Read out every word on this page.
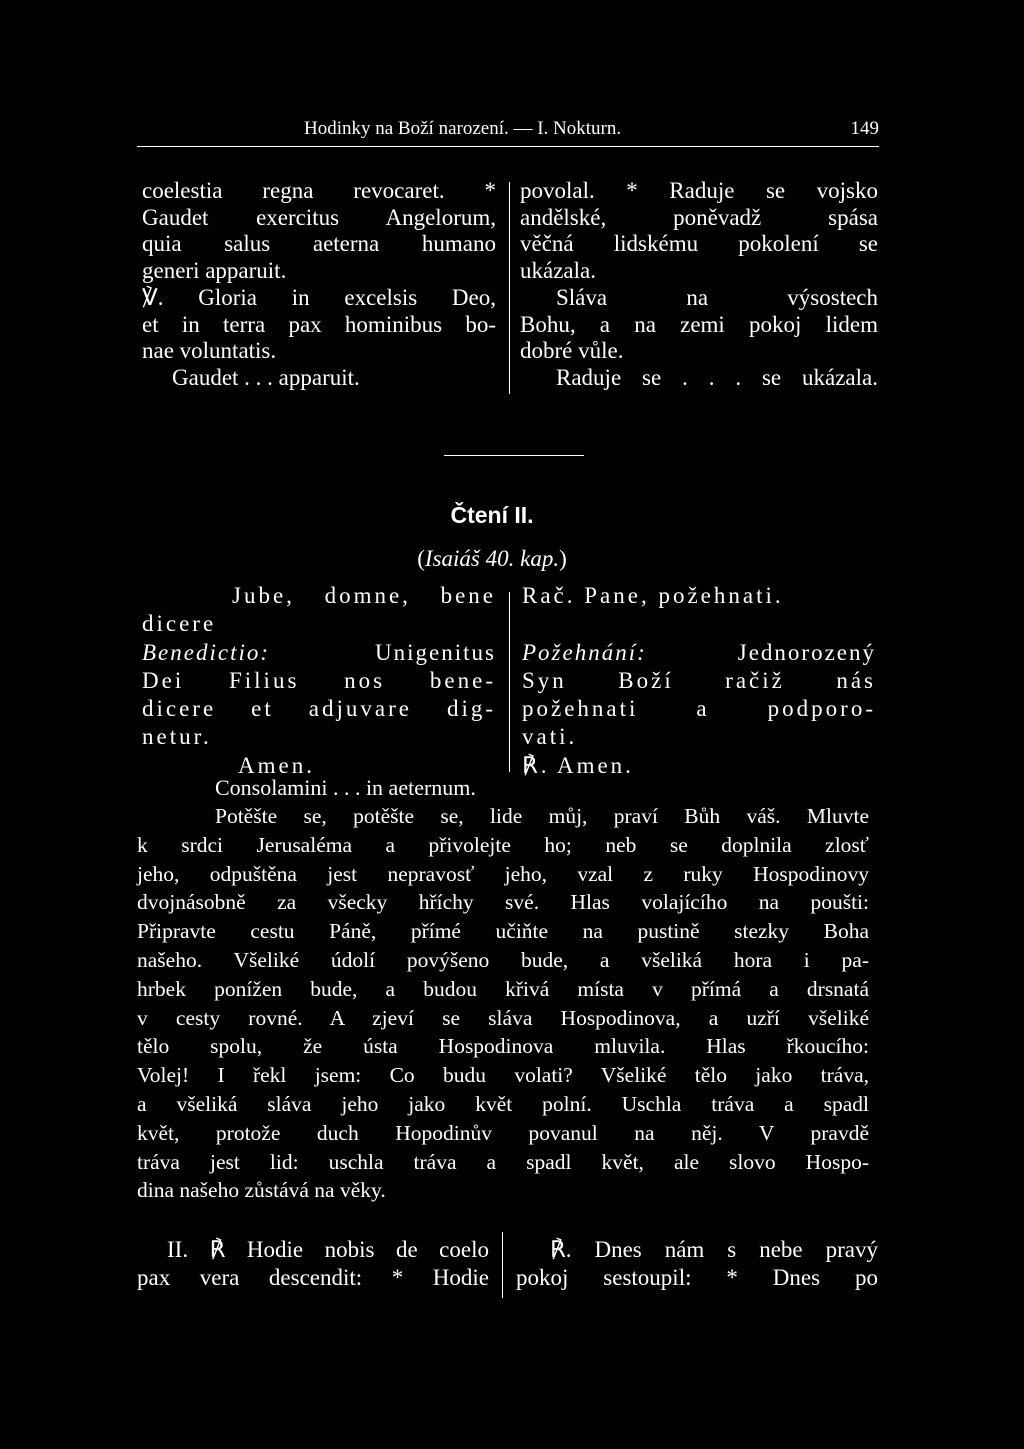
Hodinky na Boží narození. — I. Nokturn.	149
coelestia regna revocaret. *
Gaudet exercitus Angelorum,
quia salus aeterna humano
generi apparuit.
℣. Gloria in excelsis Deo,
et in terra pax hominibus bo-
nae voluntatis.
Gaudet . . . apparuit.
povolal. * Raduje se vojsko
andělské, poněvadž spása
věčná lidskému pokolení se
ukázala.
Sláva na výsostech
Bohu, a na zemi pokoj lidem
dobré vůle.
Raduje se . . . se ukázala.
Čtení II.
(Isaiáš 40. kap.)
Jube, domne, bene
dicere
Benedictio: Unigenitus
Dei Filius nos bene-
dicere et adjuvare dig-
netur.
Amen.
Rač. Pane, požehnati.

Požehnání: Jednorozený
Syn Boží račiž nás
požehnati a podporo-
vati.
℟. Amen.
Consolamini . . . in aeternum.
Potěšte se, potěšte se, lide můj, praví Bůh váš. Mluvte
k srdci Jerusaléma a přivolejte ho; neb se doplnila zlosť
jeho, odpuštěna jest nepravosť jeho, vzal z ruky Hospodinovy
dvojnásobně za všecky hříchy své. Hlas volajícího na poušti:
Připravte cestu Páně, přímé učiňte na pustině stezky Boha
našeho. Všeliké údolí povýšeno bude, a všeliká hora i pa-
hrbek ponížen bude, a budou křivá místa v přímá a drsnatá
v cesty rovné. A zjeví se sláva Hospodinova, a uzří všeliké
tělo spolu, že ústa Hospodinova mluvila. Hlas řkoucího:
Volej! I řekl jsem: Co budu volati? Všeliké tělo jako tráva,
a všeliká sláva jeho jako květ polní. Uschla tráva a spadl
květ, protože duch Hopodinův povanul na něj. V pravdě
tráva jest lid: uschla tráva a spadl květ, ale slovo Hospo-
dina našeho zůstává na věky.
II. ℟ Hodie nobis de coelo
pax vera descendit: * Hodie
℟. Dnes nám s nebe pravý
pokoj sestoupil: * Dnes po
